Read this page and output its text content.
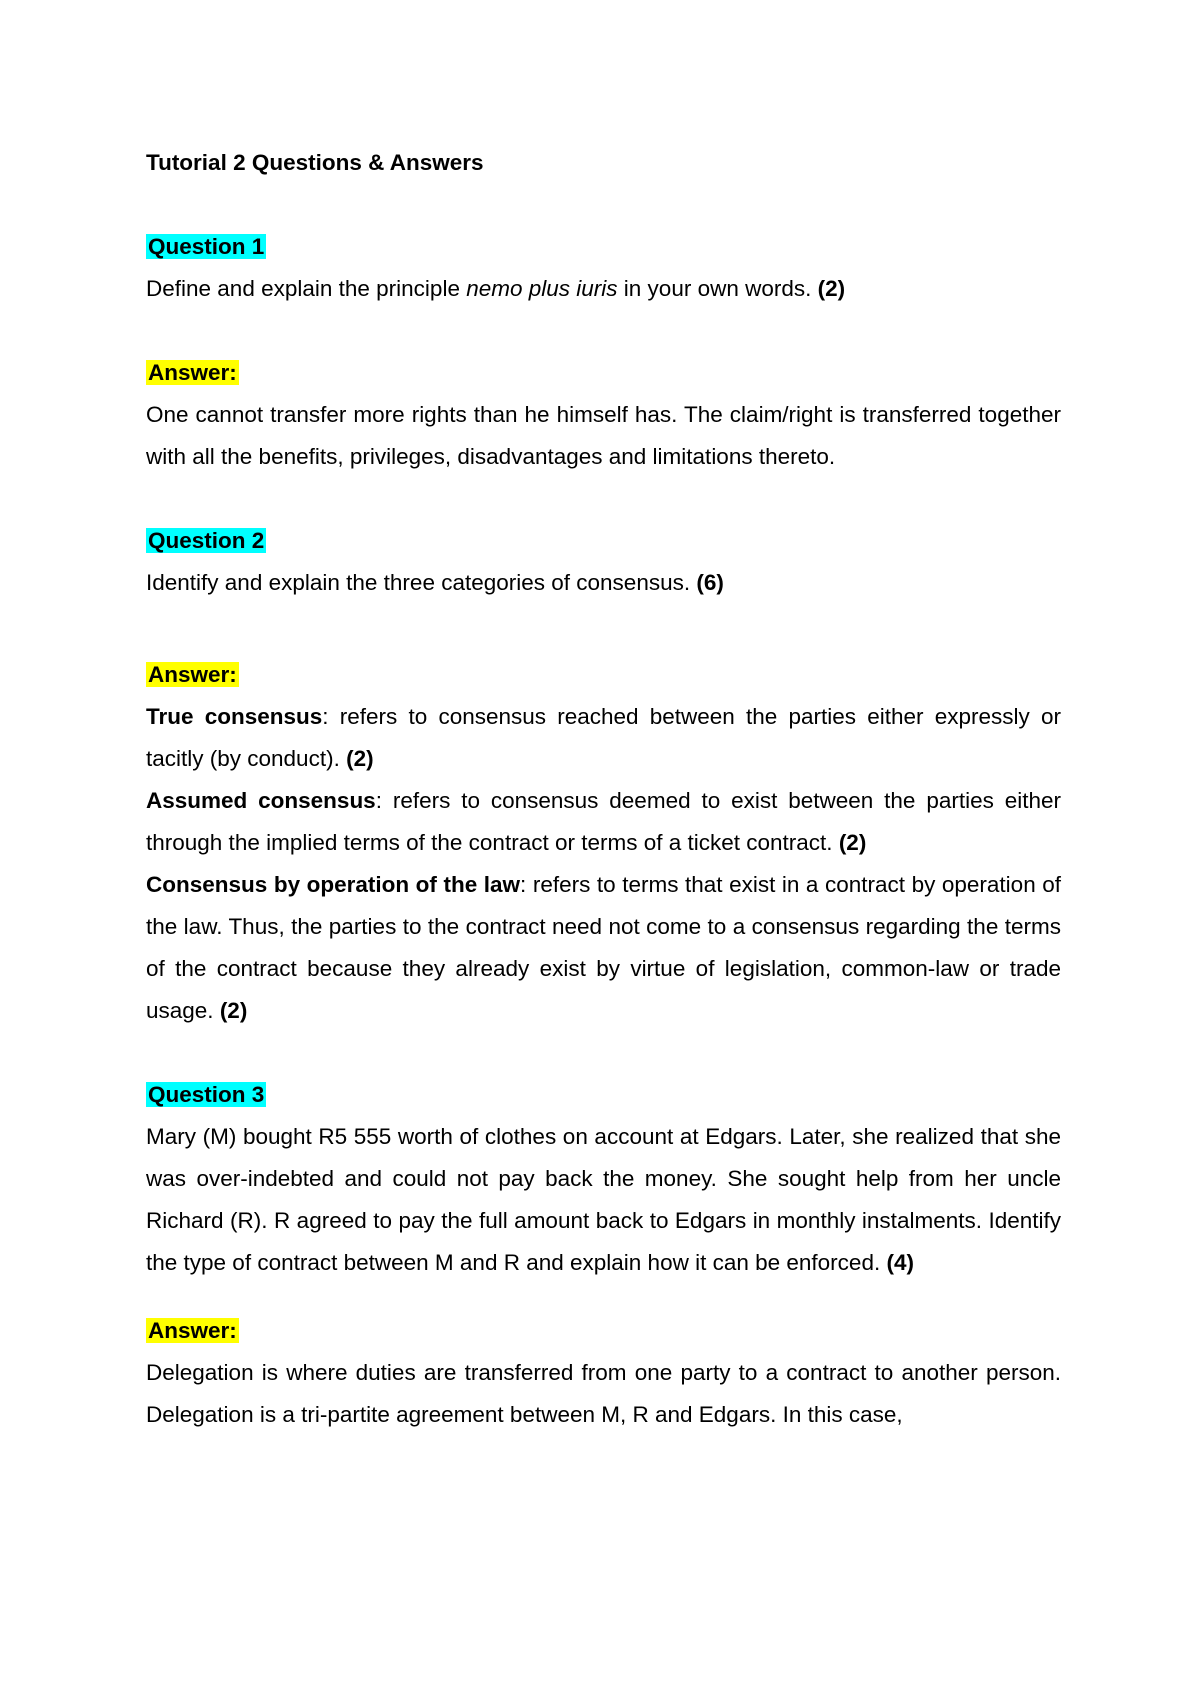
Tutorial 2 Questions & Answers
Question 1

Define and explain the principle nemo plus iuris in your own words. (2)

Answer:

One cannot transfer more rights than he himself has. The claim/right is transferred together with all the benefits, privileges, disadvantages and limitations thereto.

Question 2

Identify and explain the three categories of consensus. (6)

Answer:

True consensus: refers to consensus reached between the parties either expressly or tacitly (by conduct). (2)

Assumed consensus: refers to consensus deemed to exist between the parties either through the implied terms of the contract or terms of a ticket contract. (2)

Consensus by operation of the law: refers to terms that exist in a contract by operation of the law. Thus, the parties to the contract need not come to a consensus regarding the terms of the contract because they already exist by virtue of legislation, common-law or trade usage. (2)

Question 3

Mary (M) bought R5 555 worth of clothes on account at Edgars. Later, she realized that she was over-indebted and could not pay back the money. She sought help from her uncle Richard (R). R agreed to pay the full amount back to Edgars in monthly instalments. Identify the type of contract between M and R and explain how it can be enforced. (4)

Answer:

Delegation is where duties are transferred from one party to a contract to another person. Delegation is a tri-partite agreement between M, R and Edgars. In this case,
